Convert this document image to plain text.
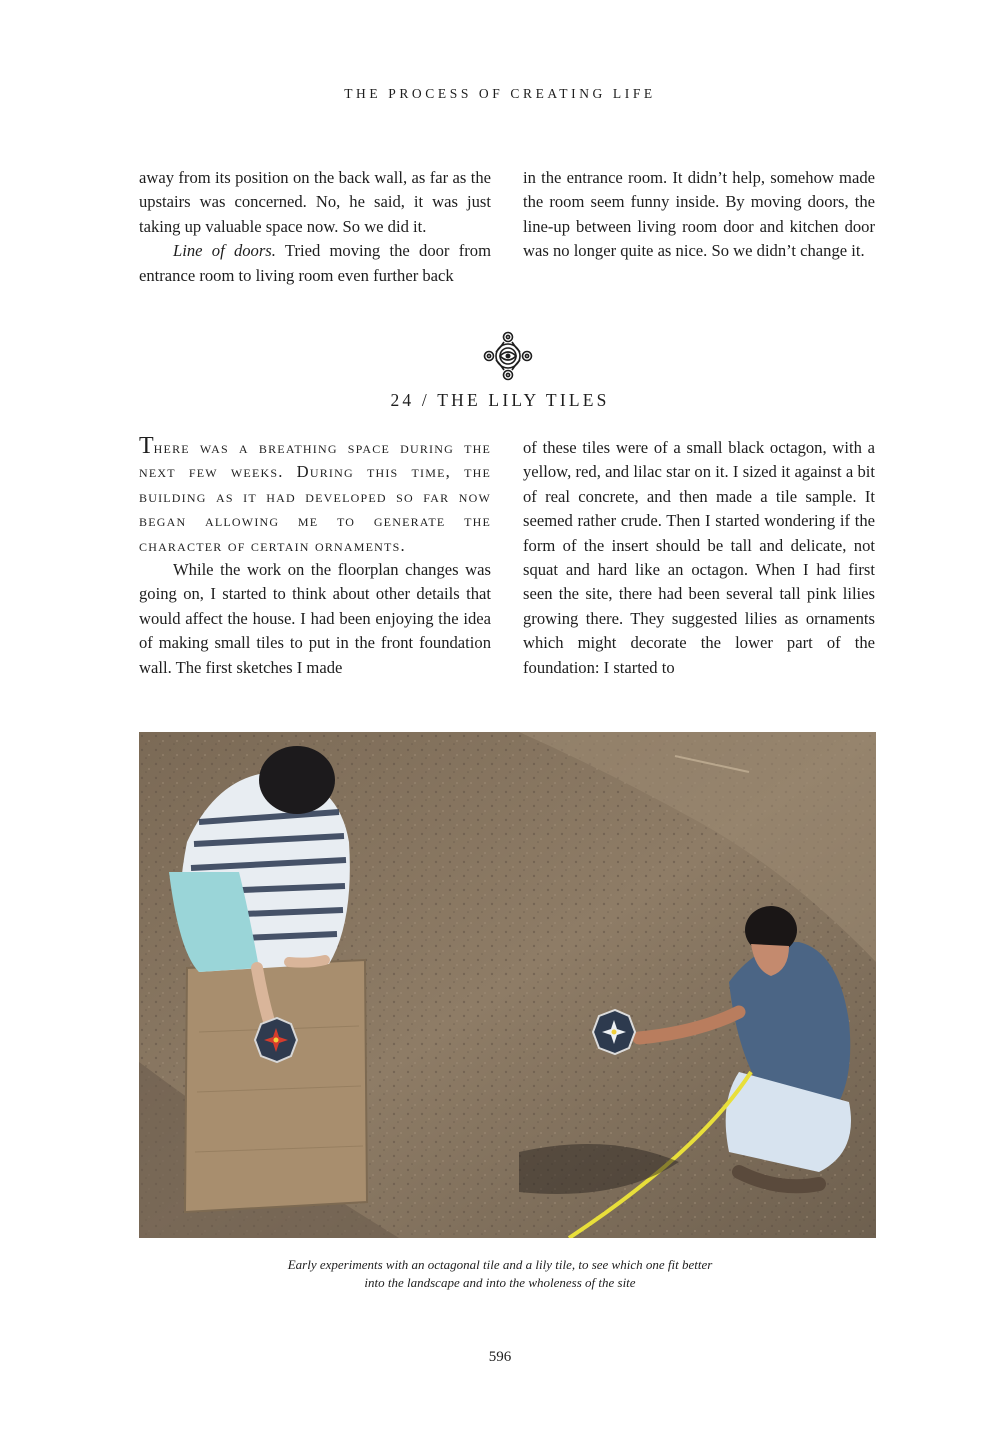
THE PROCESS OF CREATING LIFE

away from its position on the back wall, as far as the upstairs was concerned. No, he said, it was just taking up valuable space now. So we did it.

Line of doors. Tried moving the door from entrance room to living room even further back

in the entrance room. It didn’t help, somehow made the room seem funny inside. By moving doors, the line-up between living room door and kitchen door was no longer quite as nice. So we didn’t change it.

24 / THE LILY TILES

There was a breathing space during the next few weeks. During this time, the building as it had developed so far now began allowing me to generate the character of certain ornaments.

While the work on the floorplan changes was going on, I started to think about other details that would affect the house. I had been enjoying the idea of making small tiles to put in the front foundation wall. The first sketches I made

of these tiles were of a small black octagon, with a yellow, red, and lilac star on it. I sized it against a bit of real concrete, and then made a tile sample. It seemed rather crude. Then I started wondering if the form of the insert should be tall and delicate, not squat and hard like an octagon. When I had first seen the site, there had been several tall pink lilies growing there. They suggested lilies as ornaments which might decorate the lower part of the foundation: I started to

Early experiments with an octagonal tile and a lily tile, to see which one fit better
into the landscape and into the wholeness of the site
596
